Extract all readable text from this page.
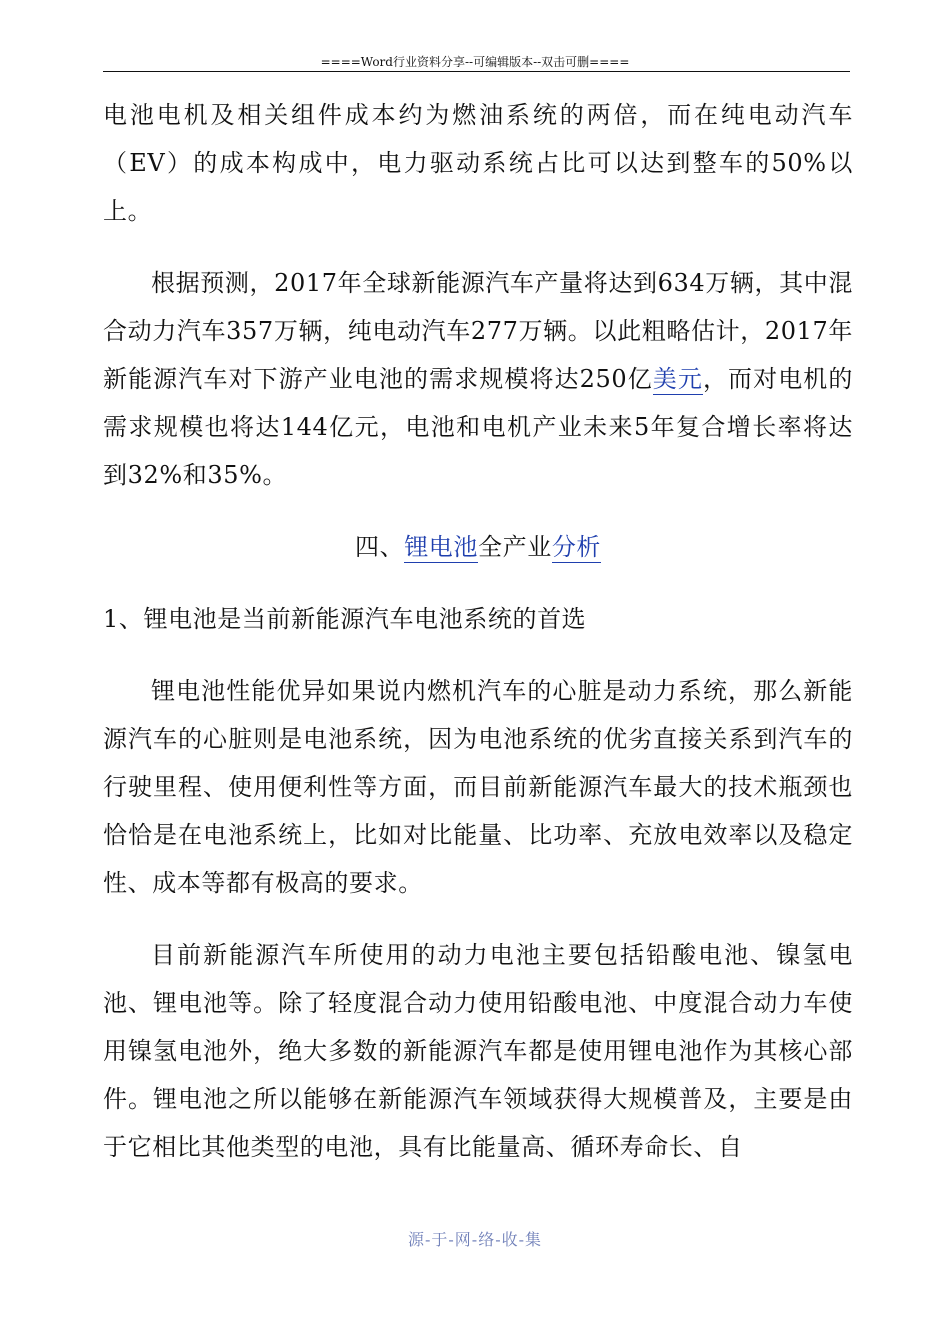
====Word行业资料分享--可编辑版本--双击可删====

电池电机及相关组件成本约为燃油系统的两倍，而在纯电动汽车（EV）的成本构成中，电力驱动系统占比可以达到整车的50%以上。

根据预测，2017年全球新能源汽车产量将达到634万辆，其中混合动力汽车357万辆，纯电动汽车277万辆。以此粗略估计，2017年新能源汽车对下游产业电池的需求规模将达250亿美元，而对电机的需求规模也将达144亿元，电池和电机产业未来5年复合增长率将达到32%和35%。

四、锂电池全产业分析

1、锂电池是当前新能源汽车电池系统的首选

锂电池性能优异如果说内燃机汽车的心脏是动力系统，那么新能源汽车的心脏则是电池系统，因为电池系统的优劣直接关系到汽车的行驶里程、使用便利性等方面，而目前新能源汽车最大的技术瓶颈也恰恰是在电池系统上，比如对比能量、比功率、充放电效率以及稳定性、成本等都有极高的要求。

目前新能源汽车所使用的动力电池主要包括铅酸电池、镍氢电池、锂电池等。除了轻度混合动力使用铅酸电池、中度混合动力车使用镍氢电池外，绝大多数的新能源汽车都是使用锂电池作为其核心部件。锂电池之所以能够在新能源汽车领域获得大规模普及，主要是由于它相比其他类型的电池，具有比能量高、循环寿命长、自

源-于-网-络-收-集
